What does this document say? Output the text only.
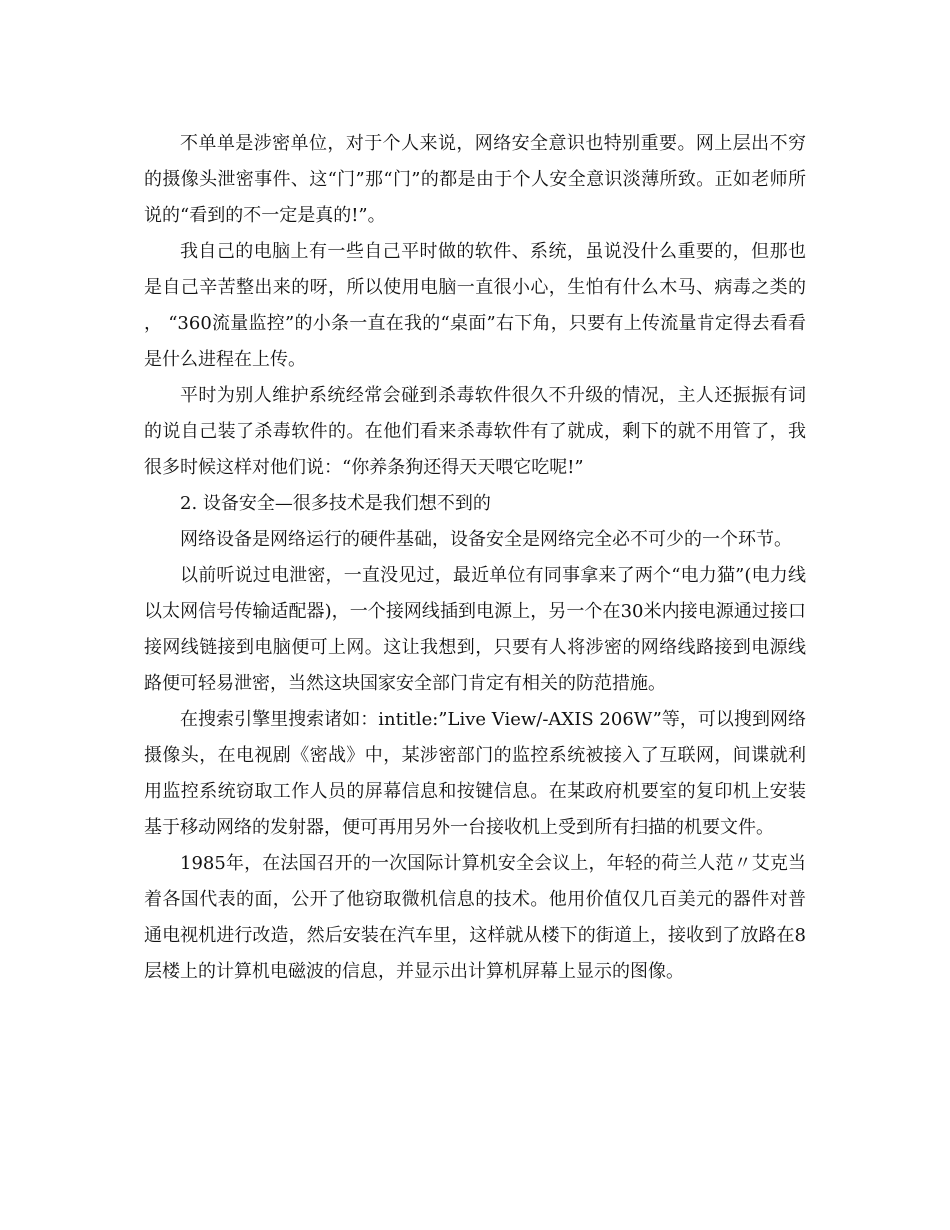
不单单是涉密单位，对于个人来说，网络安全意识也特别重要。网上层出不穷的摄像头泄密事件、这“门”那“门”的都是由于个人安全意识淡薄所致。正如老师所说的“看到的不一定是真的!”。

我自己的电脑上有一些自己平时做的软件、系统，虽说没什么重要的，但那也是自己辛苦整出来的呀，所以使用电脑一直很小心，生怕有什么木马、病毒之类的， “360流量监控”的小条一直在我的“桌面”右下角，只要有上传流量肯定得去看看是什么进程在上传。

平时为别人维护系统经常会碰到杀毒软件很久不升级的情况，主人还振振有词的说自己装了杀毒软件的。在他们看来杀毒软件有了就成，剩下的就不用管了，我很多时候这样对他们说：“你养条狗还得天天喂它吃呢!”

2. 设备安全—很多技术是我们想不到的

网络设备是网络运行的硬件基础，设备安全是网络完全必不可少的一个环节。

以前听说过电泄密，一直没见过，最近单位有同事拿来了两个“电力猫”(电力线以太网信号传输适配器)，一个接网线插到电源上，另一个在30米内接电源通过接口接网线链接到电脑便可上网。这让我想到，只要有人将涉密的网络线路接到电源线路便可轻易泄密，当然这块国家安全部门肯定有相关的防范措施。

在搜索引擎里搜索诸如：intitle:”Live View/-AXIS 206W”等，可以搜到网络摄像头，在电视剧《密战》中，某涉密部门的监控系统被接入了互联网，间谍就利用监控系统窃取工作人员的屏幕信息和按键信息。在某政府机要室的复印机上安装基于移动网络的发射器，便可再用另外一台接收机上受到所有扫描的机要文件。

1985年，在法国召开的一次国际计算机安全会议上，年轻的荷兰人范〃艾克当着各国代表的面，公开了他窃取微机信息的技术。他用价值仅几百美元的器件对普通电视机进行改造，然后安装在汽车里，这样就从楼下的街道上，接收到了放路在8层楼上的计算机电磁波的信息，并显示出计算机屏幕上显示的图像。
